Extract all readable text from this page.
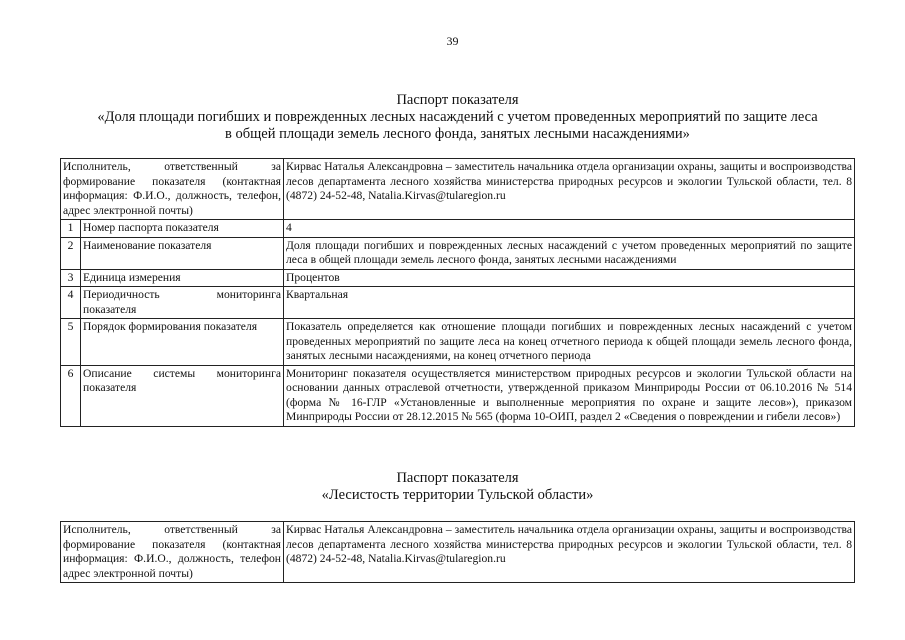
39
Паспорт показателя
«Доля площади погибших и поврежденных лесных насаждений с учетом проведенных мероприятий по защите леса
в общей площади земель лесного фонда, занятых лесными насаждениями»
Исполнитель, ответственный за формирование показателя (контактная информация: Ф.И.О., должность, телефон, адрес электронной почты)		Кирвас Наталья Александровна – заместитель начальника отдела организации охраны, защиты и воспроизводства лесов департамента лесного хозяйства министерства природных ресурсов и экологии Тульской области, тел. 8 (4872) 24-52-48, Natalia.Kirvas@tularegion.ru
1	Номер паспорта показателя	4
2	Наименование показателя	Доля площади погибших и поврежденных лесных насаждений с учетом проведенных мероприятий по защите леса в общей площади земель лесного фонда, занятых лесными насаждениями
3	Единица измерения	Процентов
4	Периодичность мониторинга показателя	Квартальная
5	Порядок формирования показателя	Показатель определяется как отношение площади погибших и поврежденных лесных насаждений с учетом проведенных мероприятий по защите леса на конец отчетного периода к общей площади земель лесного фонда, занятых лесными насаждениями, на конец отчетного периода
6	Описание системы мониторинга показателя	Мониторинг показателя осуществляется министерством природных ресурсов и экологии Тульской области на основании данных отраслевой отчетности, утвержденной приказом Минприроды России от 06.10.2016 № 514 (форма № 16-ГЛР «Установленные и выполненные мероприятия по охране и защите лесов»), приказом Минприроды России от 28.12.2015 № 565 (форма 10-ОИП, раздел 2 «Сведения о повреждении и гибели лесов»)
Паспорт показателя
«Лесистость территории Тульской области»
Исполнитель, ответственный за формирование показателя (контактная информация: Ф.И.О., должность, телефон адрес электронной почты)	Кирвас Наталья Александровна – заместитель начальника отдела организации охраны, защиты и воспроизводства лесов департамента лесного хозяйства министерства природных ресурсов и экологии Тульской области, тел. 8 (4872) 24-52-48, Natalia.Kirvas@tularegion.ru
